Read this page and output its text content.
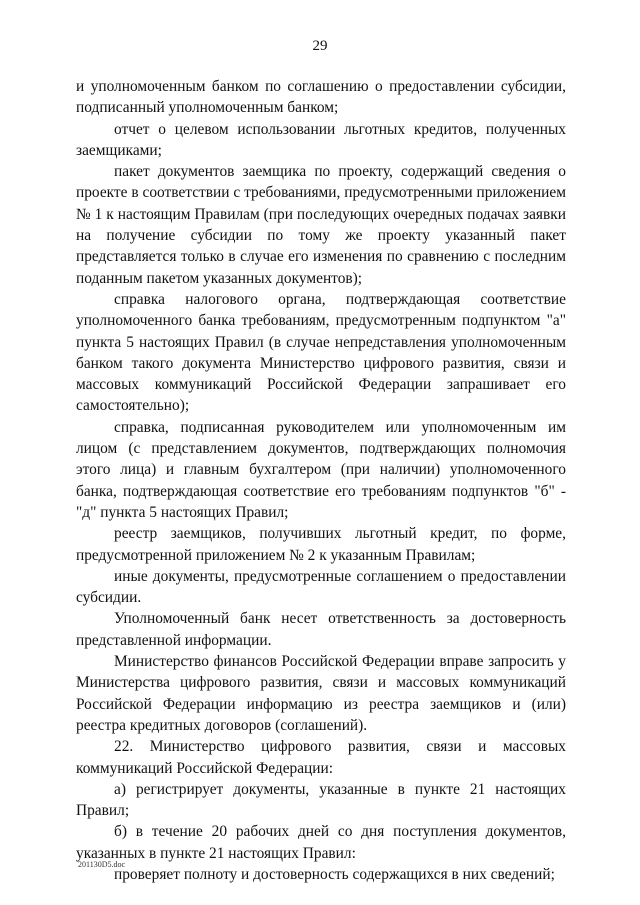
29

и уполномоченным банком по соглашению о предоставлении субсидии, подписанный уполномоченным банком;

отчет о целевом использовании льготных кредитов, полученных заемщиками;

пакет документов заемщика по проекту, содержащий сведения о проекте в соответствии с требованиями, предусмотренными приложением № 1 к настоящим Правилам (при последующих очередных подачах заявки на получение субсидии по тому же проекту указанный пакет представляется только в случае его изменения по сравнению с последним поданным пакетом указанных документов);

справка налогового органа, подтверждающая соответствие уполномоченного банка требованиям, предусмотренным подпунктом "а" пункта 5 настоящих Правил (в случае непредставления уполномоченным банком такого документа Министерство цифрового развития, связи и массовых коммуникаций Российской Федерации запрашивает его самостоятельно);

справка, подписанная руководителем или уполномоченным им лицом (с представлением документов, подтверждающих полномочия этого лица) и главным бухгалтером (при наличии) уполномоченного банка, подтверждающая соответствие его требованиям подпунктов "б" - "д" пункта 5 настоящих Правил;

реестр заемщиков, получивших льготный кредит, по форме, предусмотренной приложением № 2 к указанным Правилам;

иные документы, предусмотренные соглашением о предоставлении субсидии.

Уполномоченный банк несет ответственность за достоверность представленной информации.

Министерство финансов Российской Федерации вправе запросить у Министерства цифрового развития, связи и массовых коммуникаций Российской Федерации информацию из реестра заемщиков и (или) реестра кредитных договоров (соглашений).

22. Министерство цифрового развития, связи и массовых коммуникаций Российской Федерации:

а) регистрирует документы, указанные в пункте 21 настоящих Правил;

б) в течение 20 рабочих дней со дня поступления документов, указанных в пункте 21 настоящих Правил:

проверяет полноту и достоверность содержащихся в них сведений;

201130D5.doc
